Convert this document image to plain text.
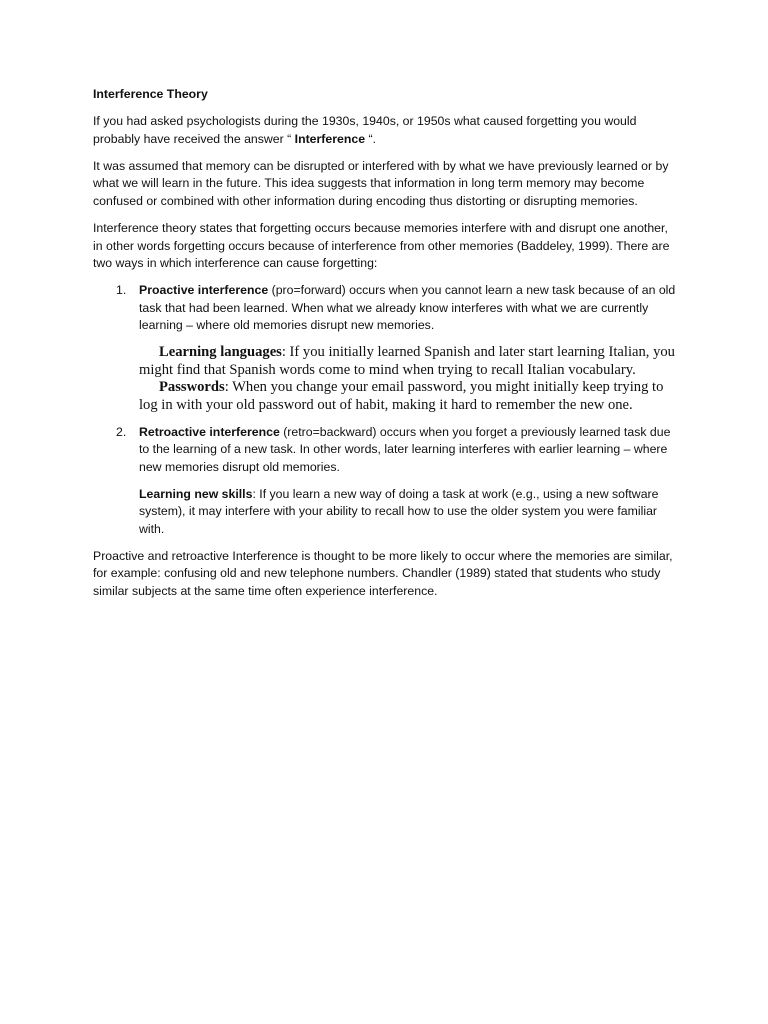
Interference Theory

If you had asked psychologists during the 1930s, 1940s, or 1950s what caused forgetting you would probably have received the answer “ Interference “.

It was assumed that memory can be disrupted or interfered with by what we have previously learned or by what we will learn in the future. This idea suggests that information in long term memory may become confused or combined with other information during encoding thus distorting or disrupting memories.

Interference theory states that forgetting occurs because memories interfere with and disrupt one another, in other words forgetting occurs because of interference from other memories (Baddeley, 1999). There are two ways in which interference can cause forgetting:

1. Proactive interference (pro=forward) occurs when you cannot learn a new task because of an old task that had been learned. When what we already know interferes with what we are currently learning – where old memories disrupt new memories.

Learning languages: If you initially learned Spanish and later start learning Italian, you might find that Spanish words come to mind when trying to recall Italian vocabulary.

Passwords: When you change your email password, you might initially keep trying to log in with your old password out of habit, making it hard to remember the new one.

2. Retroactive interference (retro=backward) occurs when you forget a previously learned task due to the learning of a new task. In other words, later learning interferes with earlier learning – where new memories disrupt old memories.

Learning new skills: If you learn a new way of doing a task at work (e.g., using a new software system), it may interfere with your ability to recall how to use the older system you were familiar with.

Proactive and retroactive Interference is thought to be more likely to occur where the memories are similar, for example: confusing old and new telephone numbers. Chandler (1989) stated that students who study similar subjects at the same time often experience interference.
